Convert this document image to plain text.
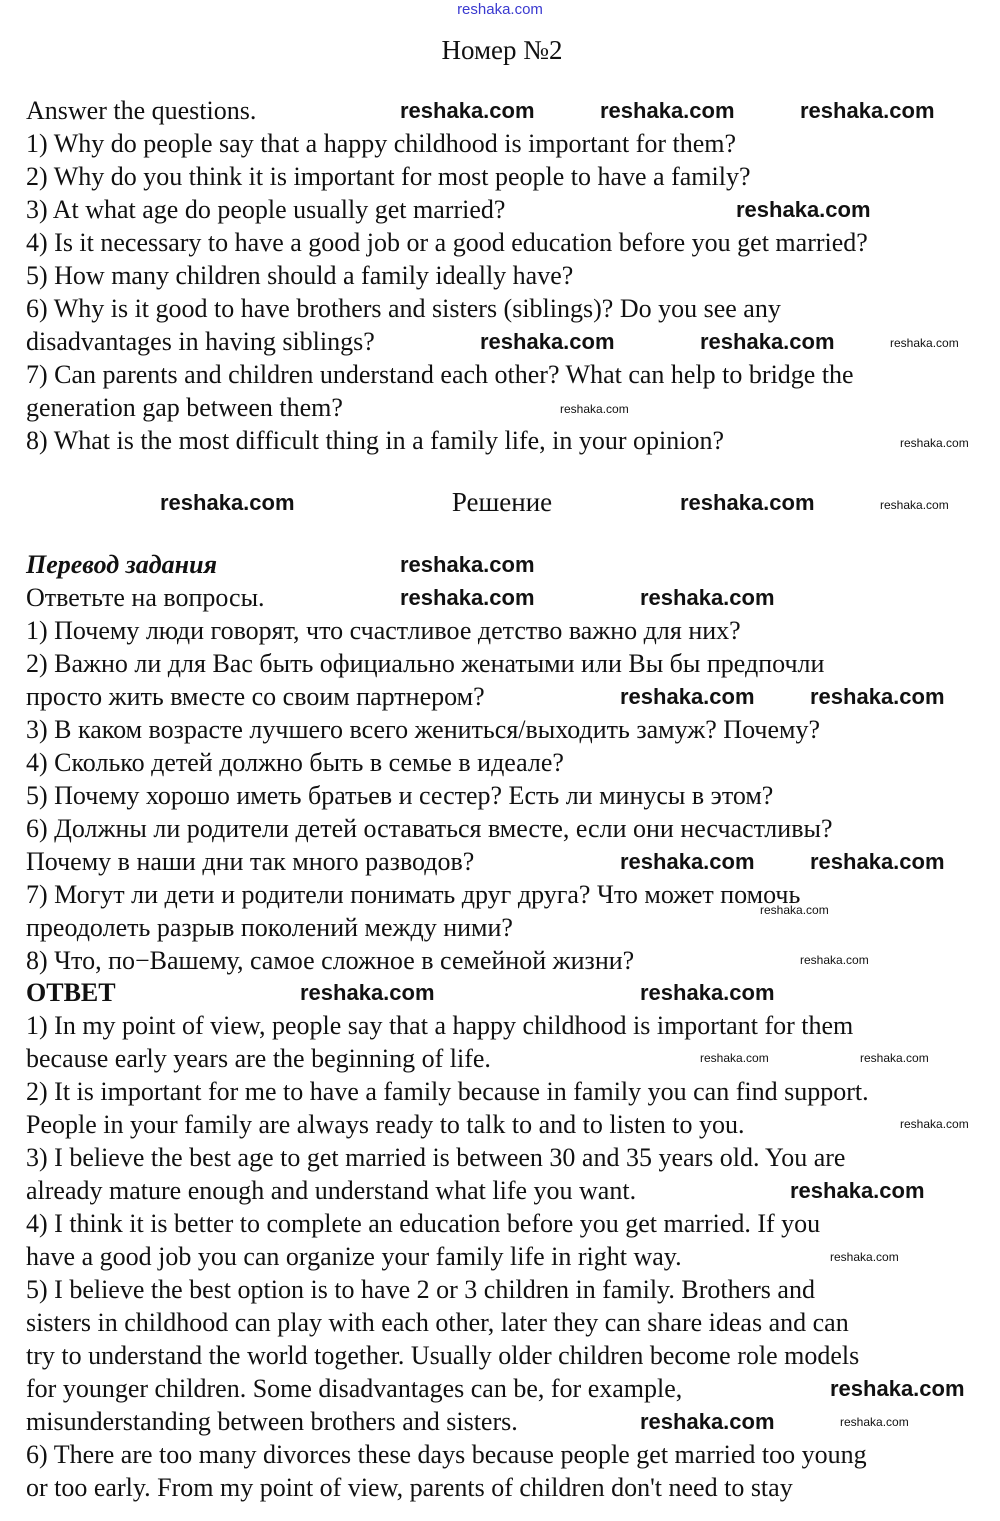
reshaka.com
Номер №2
Answer the questions.
1) Why do people say that a happy childhood is important for them?
2) Why do you think it is important for most people to have a family?
3) At what age do people usually get married?
4) Is it necessary to have a good job or a good education before you get married?
5) How many children should a family ideally have?
6) Why is it good to have brothers and sisters (siblings)? Do you see any
disadvantages in having siblings?
7) Can parents and children understand each other? What can help to bridge the
generation gap between them?
8) What is the most difficult thing in a family life, in your opinion?
Решение
Перевод задания
Ответьте на вопросы.
1) Почему люди говорят, что счастливое детство важно для них?
2) Важно ли для Вас быть официально женатыми или Вы бы предпочли
просто жить вместе со своим партнером?
3) В каком возрасте лучшего всего жениться/выходить замуж? Почему?
4) Сколько детей должно быть в семье в идеале?
5) Почему хорошо иметь братьев и сестер? Есть ли минусы в этом?
6) Должны ли родители детей оставаться вместе, если они несчастливы?
Почему в наши дни так много разводов?
7) Могут ли дети и родители понимать друг друга? Что может помочь
преодолеть разрыв поколений между ними?
8) Что, по−Вашему, самое сложное в семейной жизни?
ОТВЕТ
1) In my point of view, people say that a happy childhood is important for them
because early years are the beginning of life.
2) It is important for me to have a family because in family you can find support.
People in your family are always ready to talk to and to listen to you.
3) I believe the best age to get married is between 30 and 35 years old. You are
already mature enough and understand what life you want.
4) I think it is better to complete an education before you get married. If you
have a good job you can organize your family life in right way.
5) I believe the best option is to have 2 or 3 children in family. Brothers and
sisters in childhood can play with each other, later they can share ideas and can
try to understand the world together. Usually older children become role models
for younger children. Some disadvantages can be, for example,
misunderstanding between brothers and sisters.
6) There are too many divorces these days because people get married too young
or too early. From my point of view, parents of children don't need to stay
reshaka.com	reshaka.com	reshaka.com
reshaka.com
reshaka.com	reshaka.com	reshaka.com
reshaka.com
reshaka.com
reshaka.com	reshaka.com	reshaka.com
reshaka.com
reshaka.com	reshaka.com
reshaka.com	reshaka.com
reshaka.com	reshaka.com
reshaka.com
reshaka.com
reshaka.com	reshaka.com
reshaka.com	reshaka.com
reshaka.com
reshaka.com
reshaka.com
reshaka.com
reshaka.com	reshaka.com
